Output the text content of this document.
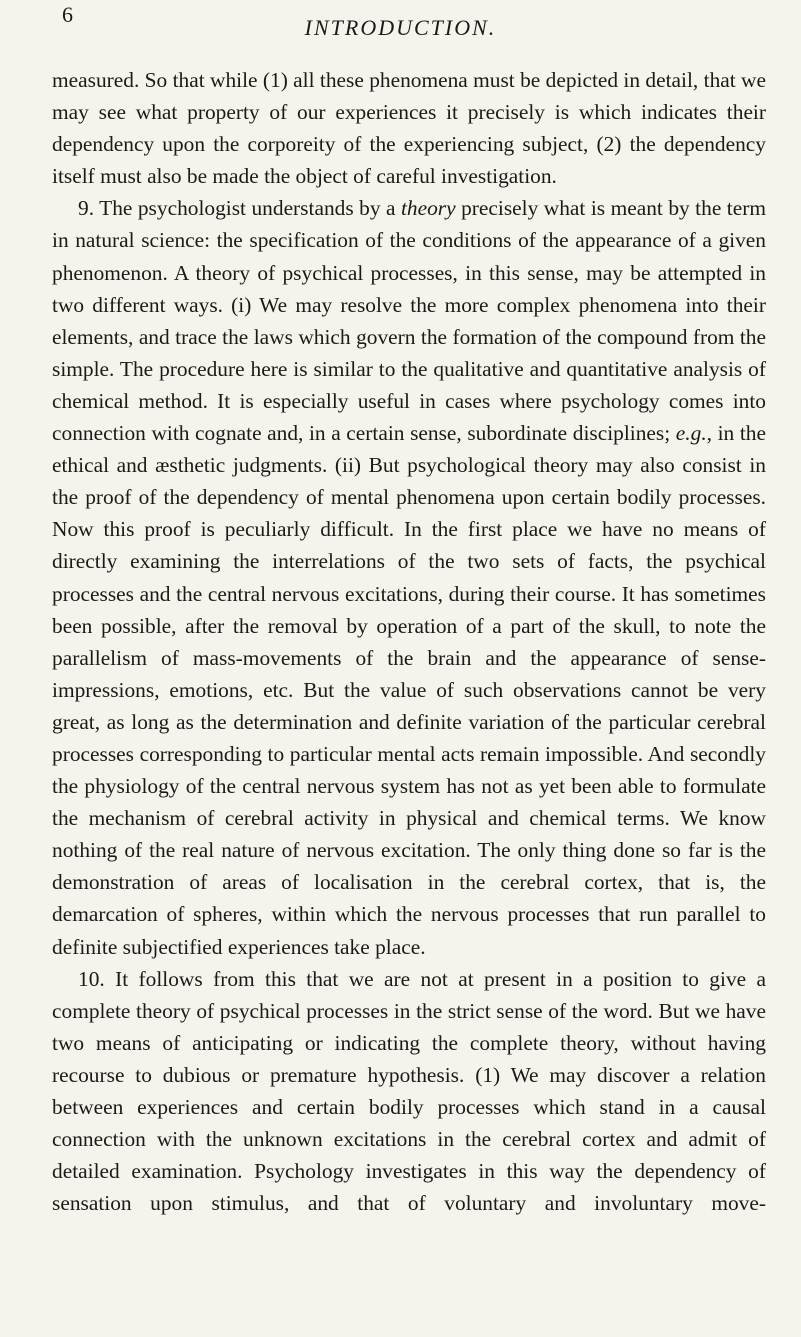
6
INTRODUCTION.

measured. So that while (1) all these phenomena must be depicted in detail, that we may see what property of our experiences it precisely is which indicates their dependency upon the corporeity of the experiencing subject, (2) the dependency itself must also be made the object of careful investigation.

9. The psychologist understands by a theory precisely what is meant by the term in natural science: the specification of the conditions of the appearance of a given phenomenon. A theory of psychical processes, in this sense, may be attempted in two different ways. (i) We may resolve the more complex phenomena into their elements, and trace the laws which govern the formation of the compound from the simple. The procedure here is similar to the qualitative and quantitative analysis of chemical method. It is especially useful in cases where psychology comes into connection with cognate and, in a certain sense, subordinate disciplines; e.g., in the ethical and æsthetic judgments. (ii) But psychological theory may also consist in the proof of the dependency of mental phenomena upon certain bodily processes. Now this proof is peculiarly difficult. In the first place we have no means of directly examining the interrelations of the two sets of facts, the psychical processes and the central nervous excitations, during their course. It has sometimes been possible, after the removal by operation of a part of the skull, to note the parallelism of mass-movements of the brain and the appearance of sense-impressions, emotions, etc. But the value of such observations cannot be very great, as long as the determination and definite variation of the particular cerebral processes corresponding to particular mental acts remain impossible. And secondly the physiology of the central nervous system has not as yet been able to formulate the mechanism of cerebral activity in physical and chemical terms. We know nothing of the real nature of nervous excitation. The only thing done so far is the demonstration of areas of localisation in the cerebral cortex, that is, the demarcation of spheres, within which the nervous processes that run parallel to definite subjectified experiences take place.

10. It follows from this that we are not at present in a position to give a complete theory of psychical processes in the strict sense of the word. But we have two means of anticipating or indicating the complete theory, without having recourse to dubious or premature hypothesis. (1) We may discover a relation between experiences and certain bodily processes which stand in a causal connection with the unknown excitations in the cerebral cortex and admit of detailed examination. Psychology investigates in this way the dependency of sensation upon stimulus, and that of voluntary and involuntary move-
